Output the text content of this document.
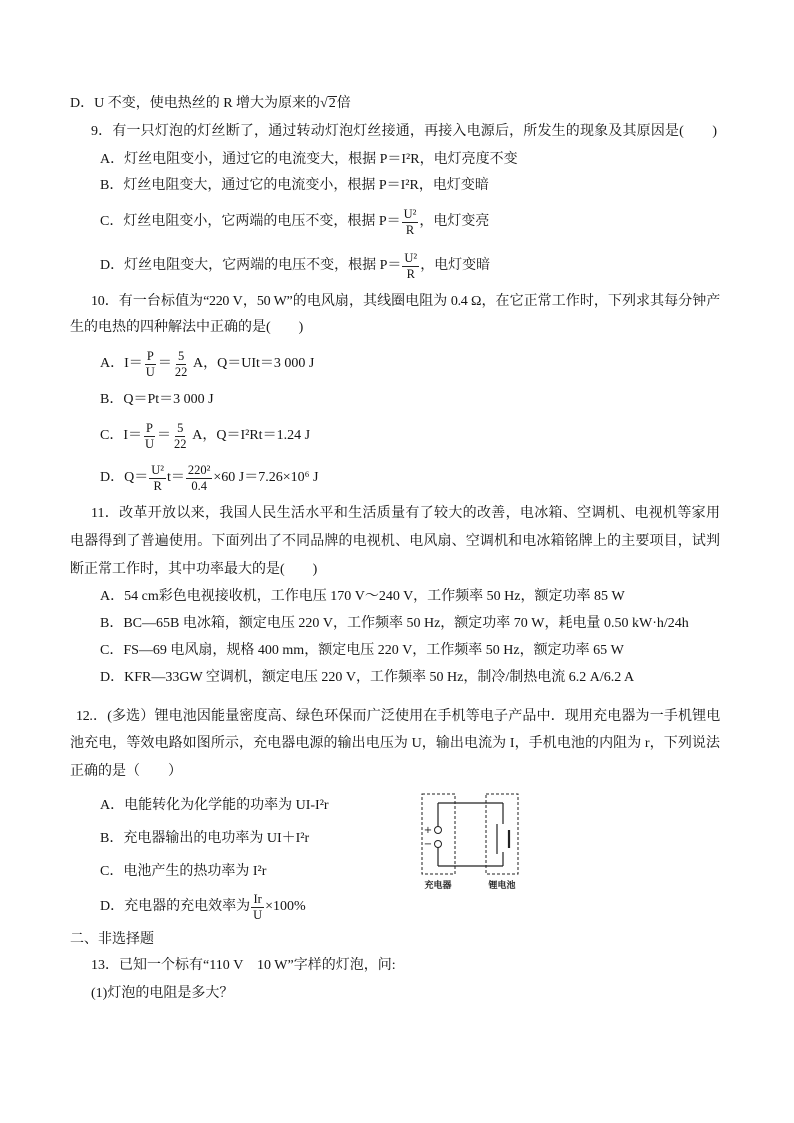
D．U 不变，使电热丝的 R 增大为原来的√2倍
9．有一只灯泡的灯丝断了，通过转动灯泡灯丝接通，再接入电源后，所发生的现象及其原因是(　　)
A．灯丝电阻变小，通过它的电流变大，根据 P＝I²R，电灯亮度不变
B．灯丝电阻变大，通过它的电流变小，根据 P＝I²R，电灯变暗
C．灯丝电阻变小，它两端的电压不变，根据 $P= \frac{\text{U²}}{R}$ ，电灯变亮
D．灯丝电阻变大，它两端的电压不变，根据 $P= \frac{\text{U²}}{R}$ ，电灯变暗
10．有一台标值为“220 V，50 W”的电风扇，其线圈电阻为 0.4 Ω，在它正常工作时，下列求其每分钟产
生的电热的四种解法中正确的是(　　)
A．$I= \frac{P}{U} = \frac{5}{22}$ A，Q＝UIt＝3 000 J
B．Q＝Pt＝3 000 J
C．$I= \frac{P}{U} = \frac{5}{22}$ A，Q＝I²Rt＝1.24 J
D．$Q= \frac{\text{U²}}{R} t= \frac{\text{220²}}{0.4} \times 60$ J＝7.26×10⁶ J
11．改革开放以来，我国人民生活水平和生活质量有了较大的改善，电冰箱、空调机、电视机等家用
电器得到了普遍使用。下面列出了不同品牌的电视机、电风扇、空调机和电冰箱铭牌上的主要项目，试判
断正常工作时，其中功率最大的是(　　)
A．54 cm彩色电视接收机，工作电压 170 V～240 V，工作频率 50 Hz，额定功率 85 W
B．BC—65B 电冰箱，额定电压 220 V，工作频率 50 Hz，额定功率 70 W，耗电量 0.50 kW·h/24h
C．FS—69 电风扇，规格 400 mm，额定电压 220 V，工作频率 50 Hz，额定功率 65 W
D．KFR—33GW 空调机，额定电压 220 V，工作频率 50 Hz，制冷/制热电流 6.2 A/6.2 A
12.．(多选）锂电池因能量密度高、绿色环保而广泛使用在手机等电子产品中．现用充电器为一手机锂电
池充电，等效电路如图所示，充电器电源的输出电压为 U，输出电流为 I，手机电池的内阻为 r，下列说法
正确的是（　　）
A．电能转化为化学能的功率为 UI-I²r
B．充电器输出的电功率为 UI＋I²r
C．电池产生的热功率为 I²r
D．充电器的充电效率为 $\frac{Ir}{U} \times 100\%$
+
−
充电器	锂电池
二、非选择题
13．已知一个标有“110 V　10 W”字样的灯泡，问:
(1)灯泡的电阻是多大？
